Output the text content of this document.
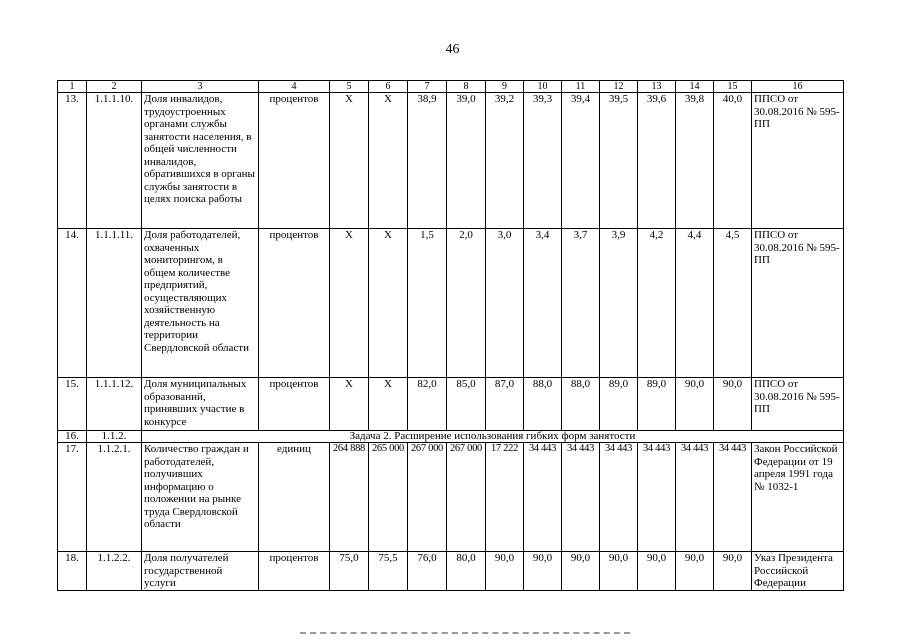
46
1	2	3	4	5	6	7	8	9	10	11	12	13	14	15	16
13.	1.1.1.10.	Доля инвалидов, трудоустроенных органами службы занятости населения, в общей численности инвалидов, обратившихся в органы службы занятости в целях поиска работы	процентов	X	X	38,9	39,0	39,2	39,3	39,4	39,5	39,6	39,8	40,0	ППСО от 30.08.2016 № 595-ПП
14.	1.1.1.11.	Доля работодателей, охваченных мониторингом, в общем количестве предприятий, осуществляющих хозяйственную деятельность на территории Свердловской области	процентов	X	X	1,5	2,0	3,0	3,4	3,7	3,9	4,2	4,4	4,5	ППСО от 30.08.2016 № 595-ПП
15.	1.1.1.12.	Доля муниципальных образований, принявших участие в конкурсе	процентов	X	X	82,0	85,0	87,0	88,0	88,0	89,0	89,0	90,0	90,0	ППСО от 30.08.2016 № 595-ПП
16.	1.1.2.	Задача 2. Расширение использования гибких форм занятости													
17.	1.1.2.1.	Количество граждан и работодателей, получивших информацию о положении на рынке труда Свердловской области	единиц	264 888	265 000	267 000	267 000	17 222	34 443	34 443	34 443	34 443	34 443	34 443	Закон Российской Федерации от 19 апреля 1991 года № 1032-1
18.	1.1.2.2.	Доля получателей государственной услуги	процентов	75,0	75,5	76,0	80,0	90,0	90,0	90,0	90,0	90,0	90,0	90,0	Указ Президента Российской Федерации
